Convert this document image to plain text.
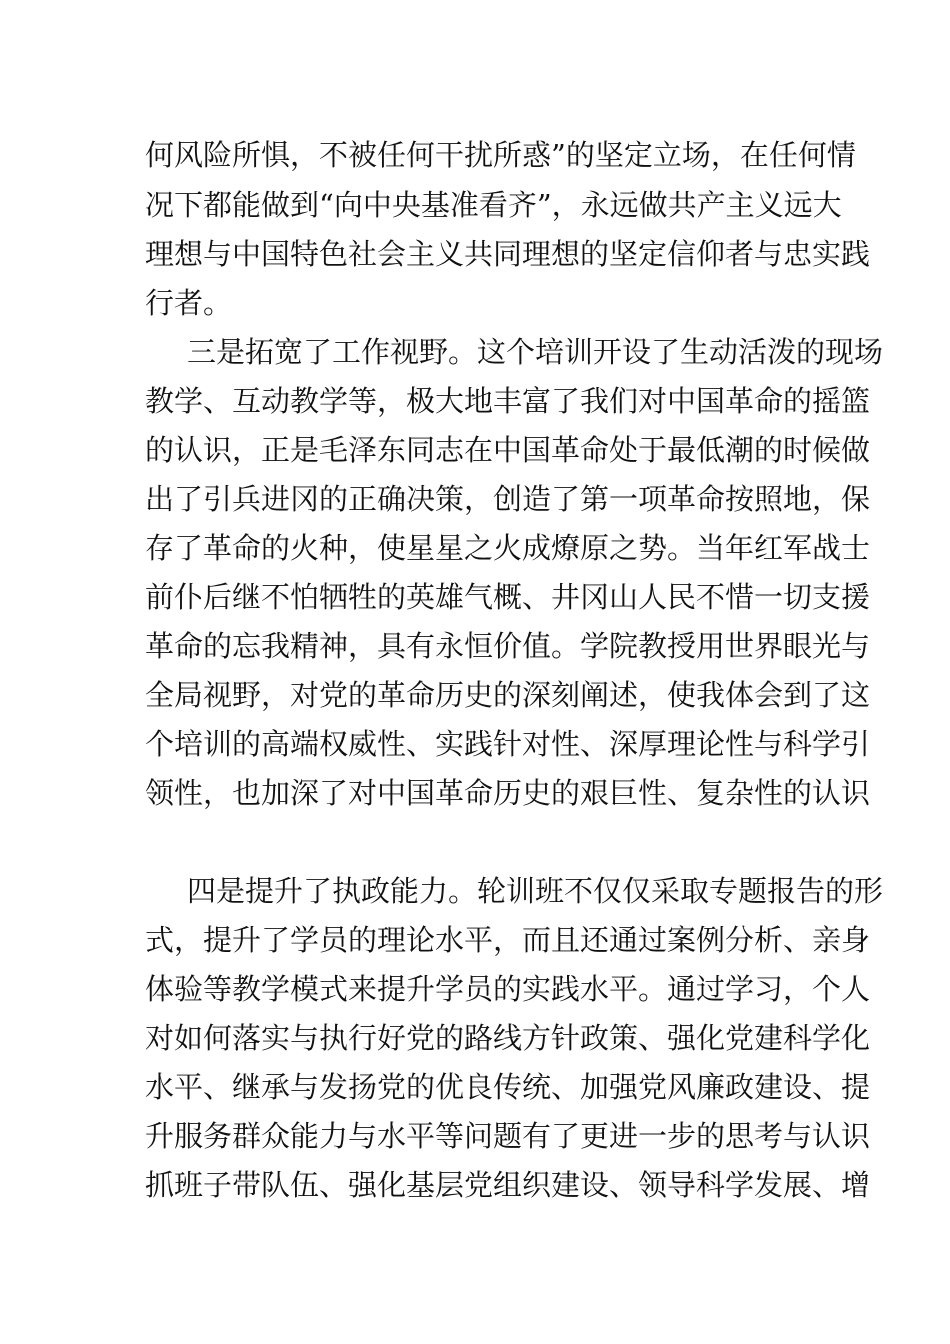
何风险所惧，不被任何干扰所惑”的坚定立场，在任何情
况下都能做到“向中央基准看齐”，永远做共产主义远大
理想与中国特色社会主义共同理想的坚定信仰者与忠实践
行者。
三是拓宽了工作视野。这个培训开设了生动活泼的现场
教学、互动教学等，极大地丰富了我们对中国革命的摇篮
的认识，正是毛泽东同志在中国革命处于最低潮的时候做
出了引兵进冈的正确决策，创造了第一项革命按照地，保
存了革命的火种，使星星之火成燎原之势。当年红军战士
前仆后继不怕牺牲的英雄气概、井冈山人民不惜一切支援
革命的忘我精神，具有永恒价值。学院教授用世界眼光与
全局视野，对党的革命历史的深刻阐述，使我体会到了这
个培训的高端权威性、实践针对性、深厚理论性与科学引
领性，也加深了对中国革命历史的艰巨性、复杂性的认识
四是提升了执政能力。轮训班不仅仅采取专题报告的形
式，提升了学员的理论水平，而且还通过案例分析、亲身
体验等教学模式来提升学员的实践水平。通过学习，个人
对如何落实与执行好党的路线方针政策、强化党建科学化
水平、继承与发扬党的优良传统、加强党风廉政建设、提
升服务群众能力与水平等问题有了更进一步的思考与认识
抓班子带队伍、强化基层党组织建设、领导科学发展、增
